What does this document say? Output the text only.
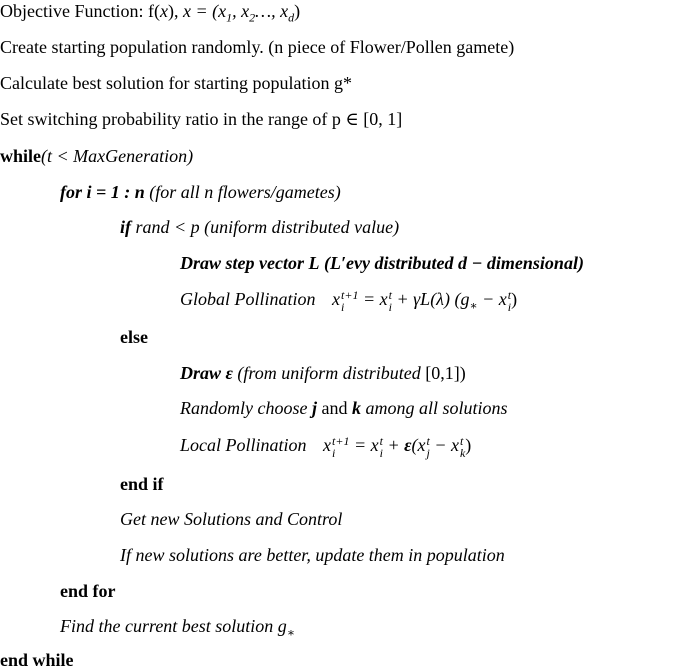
Objective Function: f(x), $x = (x_1$, $x_2\dots$, $x_d$)
Create starting population randomly. (n piece of Flower/Pollen gamete)
Calculate best solution for starting population g*
Set switching probability ratio in the range of p ∈ [0, 1]
while(t < MaxGeneration)
for i = 1 : n (for all n flowers/gametes)
if rand < p (uniform distributed value)
Draw step vector L (L′evy distributed d − dimensional)
Global Pollination x t+1
i	= x t
i + γL(λ) ($g_∗ - x$ t
i )
else
Draw ε (from uniform distributed [0,1])
Randomly choose j and k among all solutions
Local Pollination x t+1
i	= x t
i + ε(x t
j − x t
k )
end if
Get new Solutions and Control
If new solutions are better, update them in population
end for
Find the current best solution $g_∗$
end while
